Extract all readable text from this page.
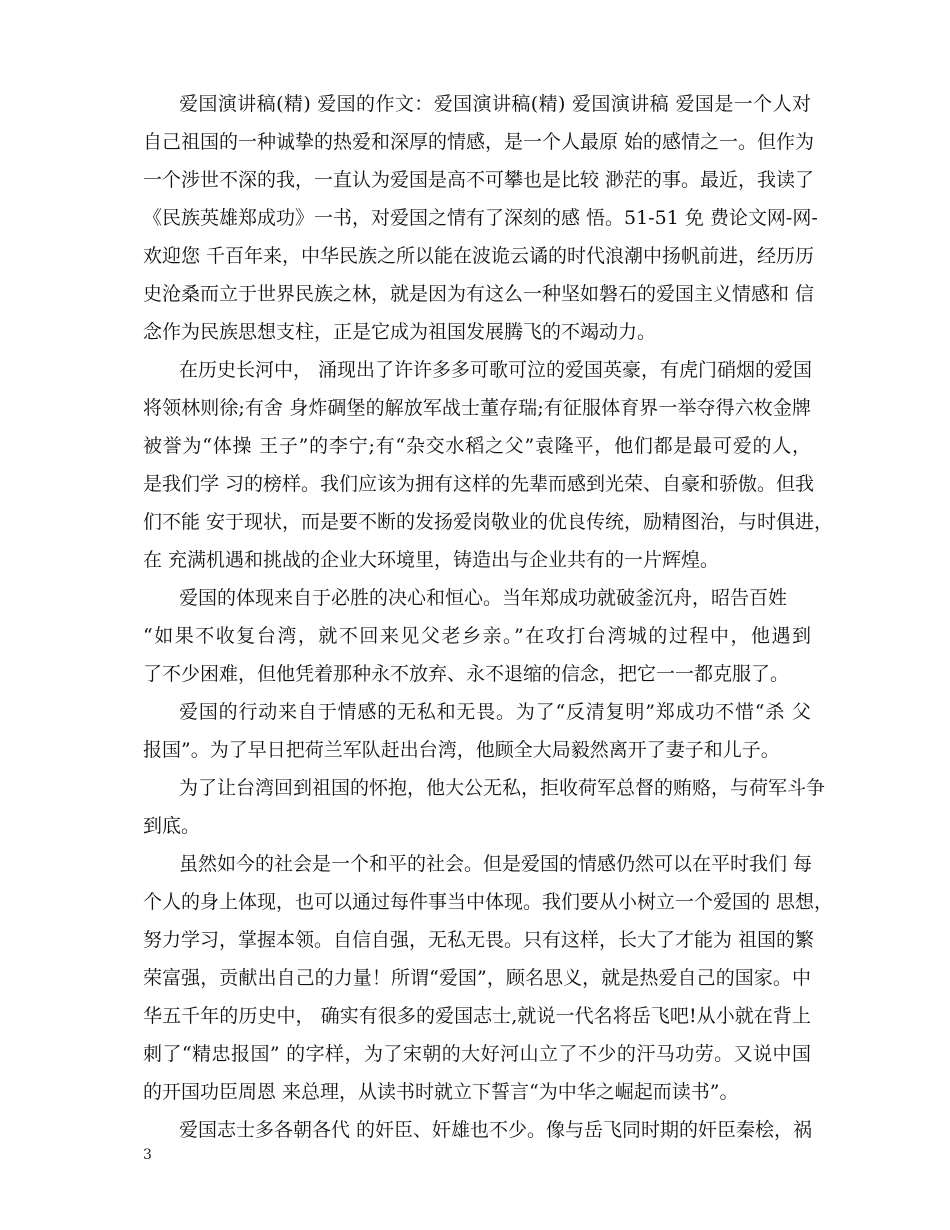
爱国演讲稿(精) 爱国的作文：爱国演讲稿(精) 爱国演讲稿 爱国是一个人对
自己祖国的一种诚挚的热爱和深厚的情感，是一个人最原 始的感情之一。但作为
一个涉世不深的我，一直认为爱国是高不可攀也是比较 渺茫的事。最近，我读了
《民族英雄郑成功》一书，对爱国之情有了深刻的感 悟。51-51 免 费论文网-网-
欢迎您 千百年来，中华民族之所以能在波诡云谲的时代浪潮中扬帆前进，经历历
史沧桑而立于世界民族之林，就是因为有这么一种坚如磐石的爱国主义情感和 信
念作为民族思想支柱，正是它成为祖国发展腾飞的不竭动力。
在历史长河中， 涌现出了许许多多可歌可泣的爱国英豪，有虎门硝烟的爱国
将领林则徐;有舍 身炸碉堡的解放军战士董存瑞;有征服体育界一举夺得六枚金牌
被誉为“体操 王子”的李宁;有“杂交水稻之父”袁隆平，他们都是最可爱的人，
是我们学 习的榜样。我们应该为拥有这样的先辈而感到光荣、自豪和骄傲。但我
们不能 安于现状，而是要不断的发扬爱岗敬业的优良传统，励精图治，与时俱进，
在 充满机遇和挑战的企业大环境里，铸造出与企业共有的一片辉煌。
爱国的体现来自于必胜的决心和恒心。当年郑成功就破釜沉舟，昭告百姓
“如果不收复台湾，就不回来见父老乡亲。”在攻打台湾城的过程中，他遇到
了不少困难，但他凭着那种永不放弃、永不退缩的信念，把它一一都克服了。
爱国的行动来自于情感的无私和无畏。为了“反清复明”郑成功不惜“杀 父
报国”。为了早日把荷兰军队赶出台湾，他顾全大局毅然离开了妻子和儿子。
为了让台湾回到祖国的怀抱，他大公无私，拒收荷军总督的贿赂，与荷军斗争
到底。
虽然如今的社会是一个和平的社会。但是爱国的情感仍然可以在平时我们 每
个人的身上体现，也可以通过每件事当中体现。我们要从小树立一个爱国的 思想，
努力学习，掌握本领。自信自强，无私无畏。只有这样，长大了才能为 祖国的繁
荣富强，贡献出自己的力量！所谓“爱国”，顾名思义，就是热爱自己的国家。中
华五千年的历史中， 确实有很多的爱国志士,就说一代名将岳飞吧!从小就在背上
刺了“精忠报国” 的字样，为了宋朝的大好河山立了不少的汗马功劳。又说中国
的开国功臣周恩 来总理，从读书时就立下誓言“为中华之崛起而读书”。
爱国志士多各朝各代 的奸臣、奸雄也不少。像与岳飞同时期的奸臣秦桧，祸
3
